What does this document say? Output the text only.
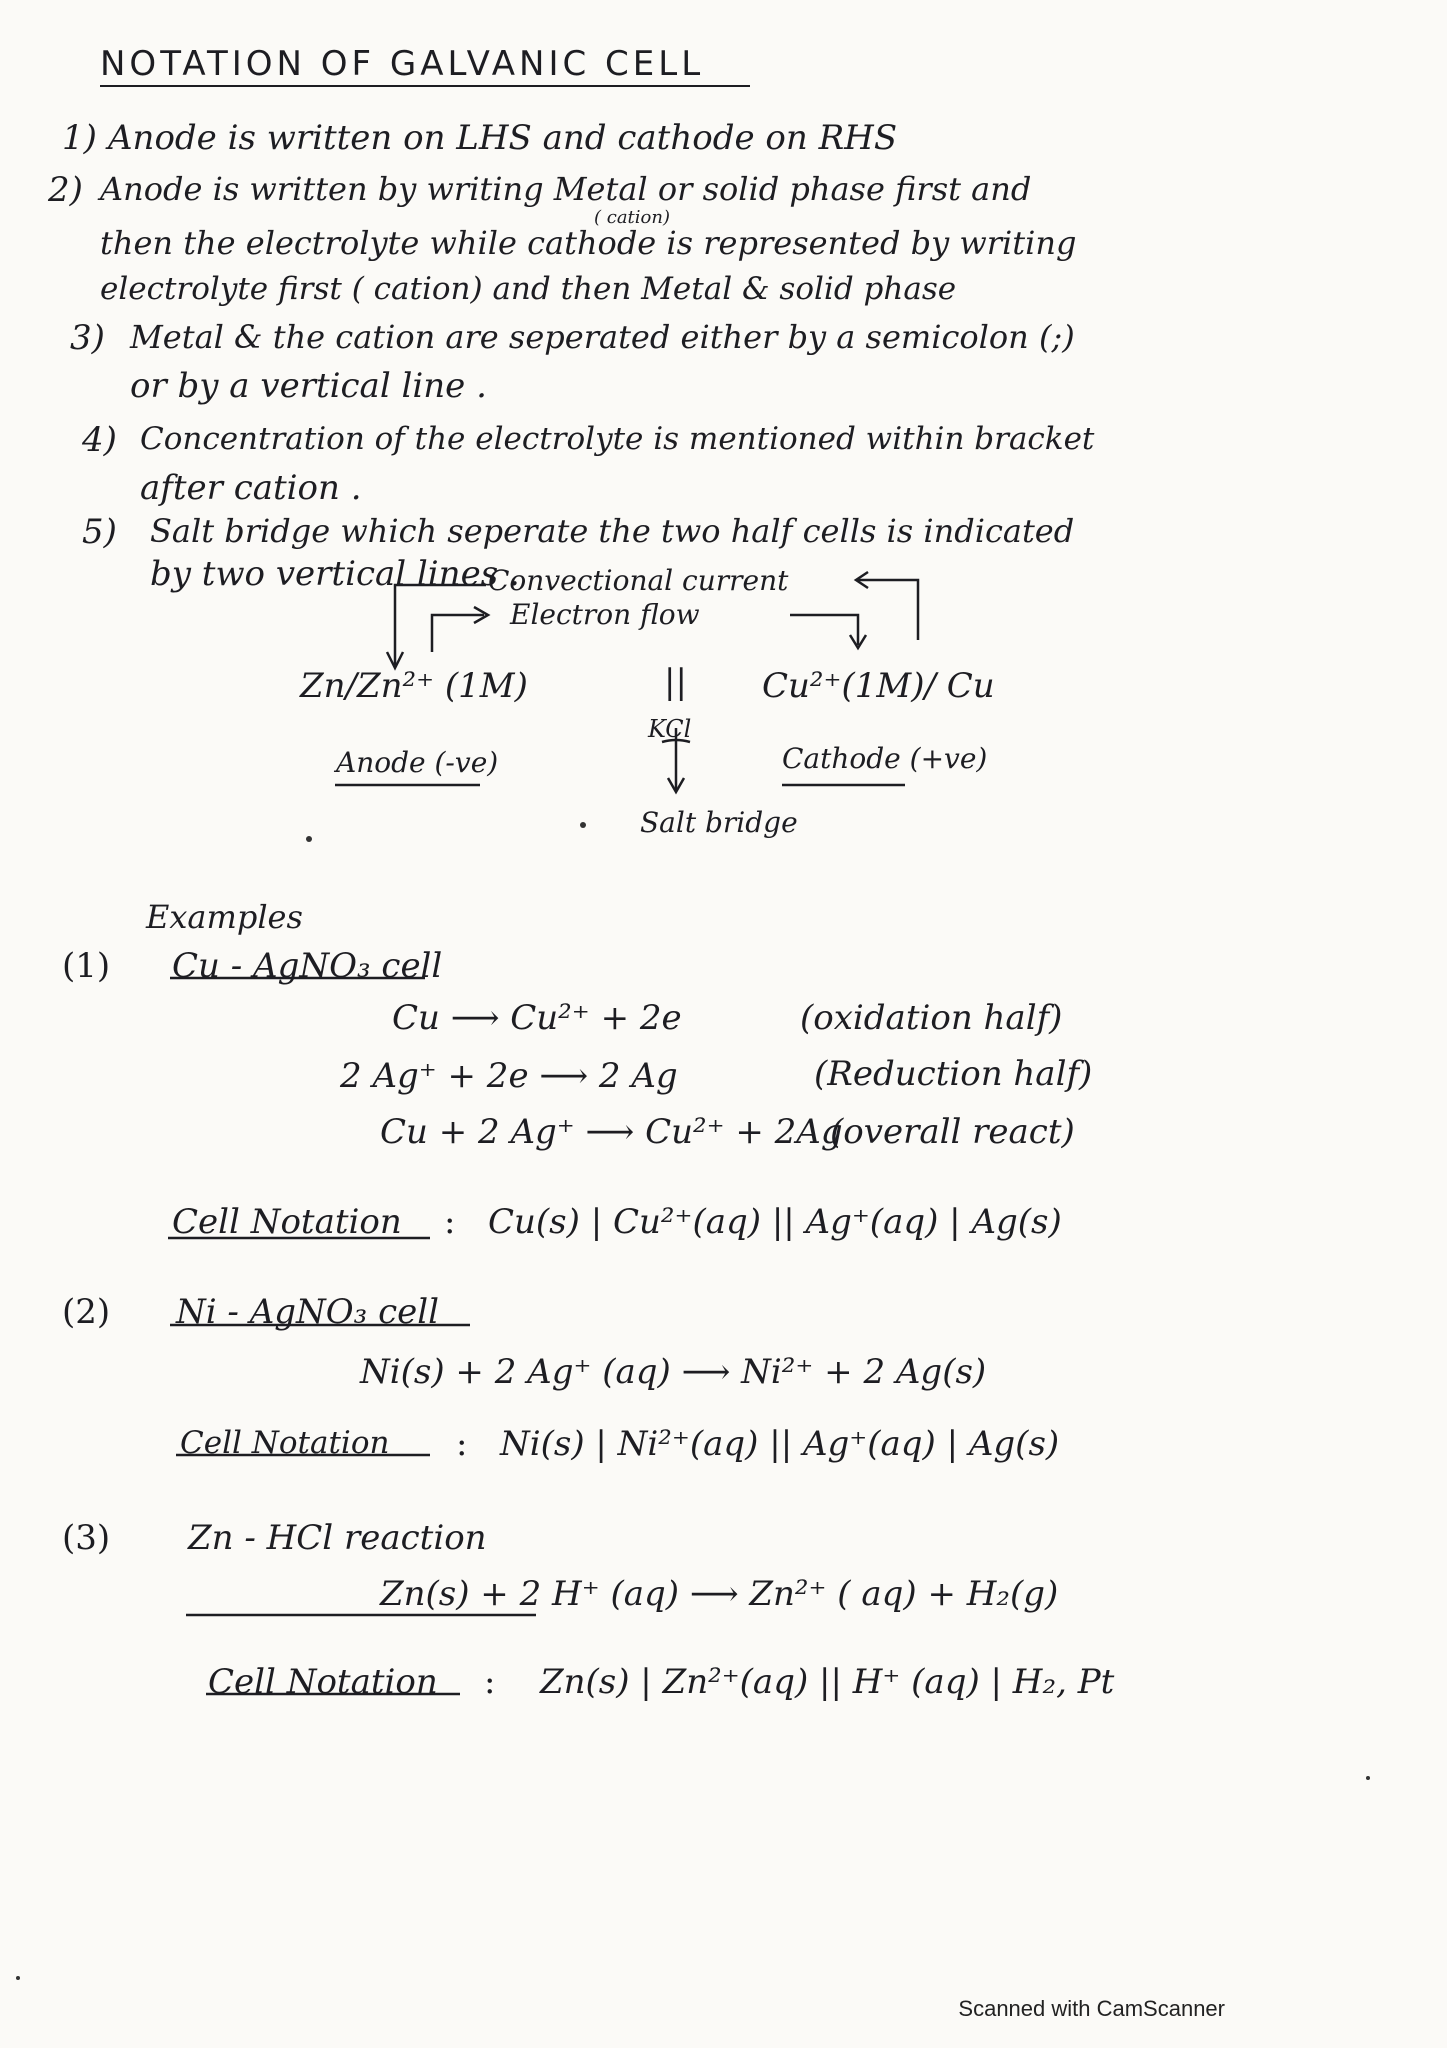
NOTATION OF GALVANIC CELL
1) Anode is written on LHS and cathode on RHS
2) Anode is written by writing Metal or solid phase first and
( cation)
then the electrolyte while cathode is represented by writing
electrolyte first ( cation) and then Metal & solid phase
3) Metal & the cation are seperated either by a semicolon (;)
or by a vertical line .
4) Concentration of the electrolyte is mentioned within bracket
after cation .
5) Salt bridge which seperate the two half cells is indicated
by two vertical lines .
Convectional current
Electron flow
Zn/Zn²⁺ (1M)	|| Cu²⁺(1M)/ Cu
Anode (-ve)
KCl
Cathode (+ve)
Salt bridge
Examples
(1) Cu - AgNO₃ cell
Cu ⟶ Cu²⁺ + 2e	(oxidation half)
2 Ag⁺ + 2e ⟶ 2 Ag	(Reduction half)
Cu + 2 Ag⁺ ⟶ Cu²⁺ + 2Ag
(overall react)
Cell Notation : Cu(s) | Cu²⁺(aq) || Ag⁺(aq) | Ag(s)
(2) Ni - AgNO₃ cell
Ni(s) + 2 Ag⁺ (aq) ⟶ Ni²⁺ + 2 Ag(s)
Cell Notation : Ni(s) | Ni²⁺(aq) || Ag⁺(aq) | Ag(s)
(3) Zn - HCl reaction
Zn(s) + 2 H⁺ (aq) ⟶ Zn²⁺ ( aq) + H₂(g)
Cell Notation : Zn(s) | Zn²⁺(aq) || H⁺ (aq) | H₂, Pt
Scanned with CamScanner
